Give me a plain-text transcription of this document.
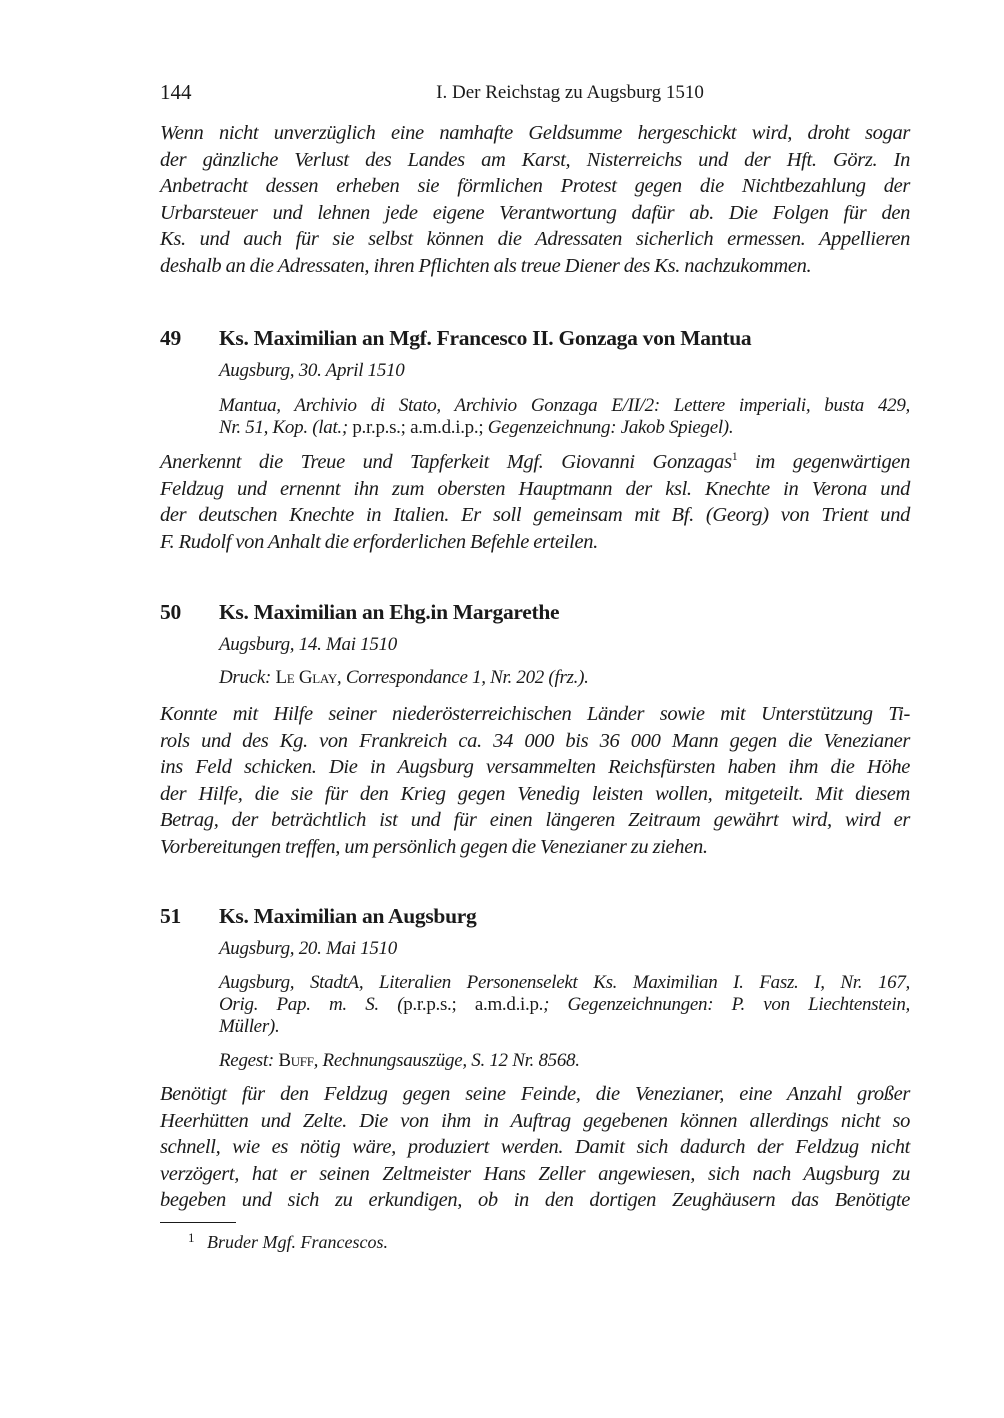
144	I. Der Reichstag zu Augsburg 1510
Wenn nicht unverzüglich eine namhafte Geldsumme hergeschickt wird, droht sogar
der gänzliche Verlust des Landes am Karst, Nisterreichs und der Hft. Görz. In
Anbetracht dessen erheben sie förmlichen Protest gegen die Nichtbezahlung der
Urbarsteuer und lehnen jede eigene Verantwortung dafür ab. Die Folgen für den
Ks. und auch für sie selbst können die Adressaten sicherlich ermessen. Appellieren
deshalb an die Adressaten, ihren Pflichten als treue Diener des Ks. nachzukommen.
49 Ks. Maximilian an Mgf. Francesco II. Gonzaga von Mantua
Augsburg, 30. April 1510
Mantua, Archivio di Stato, Archivio Gonzaga E/II/2: Lettere imperiali, busta 429,
Nr. 51, Kop. (lat.; p.r.p.s.; a.m.d.i.p.; Gegenzeichnung: Jakob Spiegel).
Anerkennt die Treue und Tapferkeit Mgf. Giovanni Gonzagas$^1$ im gegenwärtigen
Feldzug und ernennt ihn zum obersten Hauptmann der ksl. Knechte in Verona und
der deutschen Knechte in Italien. Er soll gemeinsam mit Bf. (Georg) von Trient und
F. Rudolf von Anhalt die erforderlichen Befehle erteilen.
50 Ks. Maximilian an Ehg.in Margarethe
Augsburg, 14. Mai 1510
Druck: Le Glay, Correspondance 1, Nr. 202 (frz.).
Konnte mit Hilfe seiner niederösterreichischen Länder sowie mit Unterstützung Ti-
rols und des Kg. von Frankreich ca. 34 000 bis 36 000 Mann gegen die Venezianer
ins Feld schicken. Die in Augsburg versammelten Reichsfürsten haben ihm die Höhe
der Hilfe, die sie für den Krieg gegen Venedig leisten wollen, mitgeteilt. Mit diesem
Betrag, der beträchtlich ist und für einen längeren Zeitraum gewährt wird, wird er
Vorbereitungen treffen, um persönlich gegen die Venezianer zu ziehen.
51 Ks. Maximilian an Augsburg
Augsburg, 20. Mai 1510
Augsburg, StadtA, Literalien Personenselekt Ks. Maximilian I. Fasz. I, Nr. 167,
Orig. Pap. m. S. (p.r.p.s.; a.m.d.i.p.; Gegenzeichnungen: P. von Liechtenstein,
Müller).
Regest: Buff, Rechnungsauszüge, S. 12 Nr. 8568.
Benötigt für den Feldzug gegen seine Feinde, die Venezianer, eine Anzahl großer
Heerhütten und Zelte. Die von ihm in Auftrag gegebenen können allerdings nicht so
schnell, wie es nötig wäre, produziert werden. Damit sich dadurch der Feldzug nicht
verzögert, hat er seinen Zeltmeister Hans Zeller angewiesen, sich nach Augsburg zu
begeben und sich zu erkundigen, ob in den dortigen Zeughäusern das Benötigte
$^1$ Bruder Mgf. Francescos.
